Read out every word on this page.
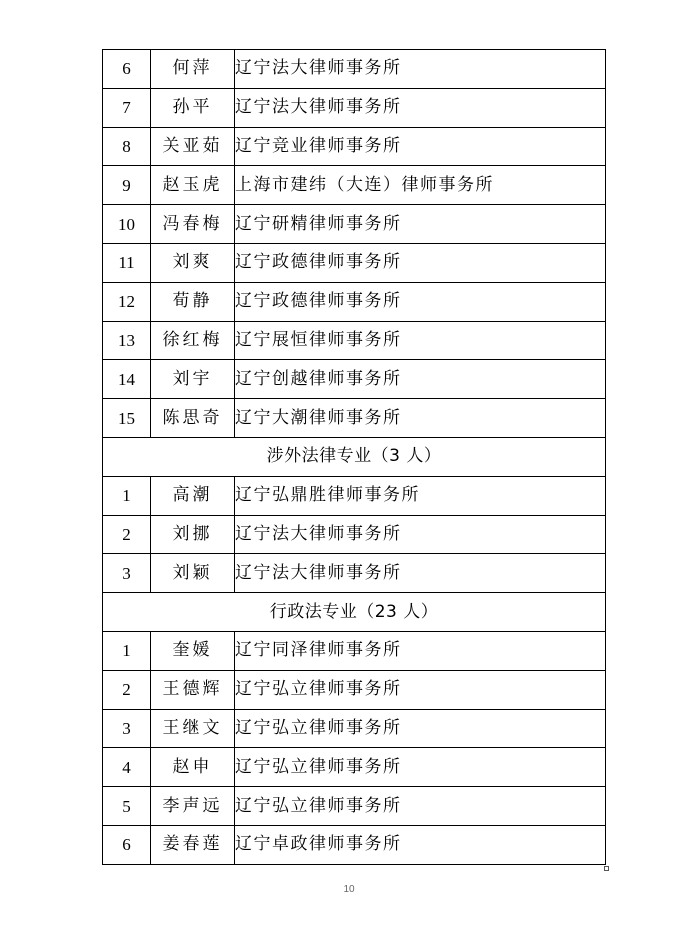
6	何萍	辽宁法大律师事务所
7	孙平	辽宁法大律师事务所
8	关亚茹	辽宁竞业律师事务所
9	赵玉虎	上海市建纬（大连）律师事务所
10	冯春梅	辽宁研精律师事务所
11	刘爽	辽宁政德律师事务所
12	荀静	辽宁政德律师事务所
13	徐红梅	辽宁展恒律师事务所
14	刘宇	辽宁创越律师事务所
15	陈思奇	辽宁大潮律师事务所
涉外法律专业（3 人）		
1	高潮	辽宁弘鼎胜律师事务所
2	刘挪	辽宁法大律师事务所
3	刘颖	辽宁法大律师事务所
行政法专业（23 人）		
1	奎媛	辽宁同泽律师事务所
2	王德辉	辽宁弘立律师事务所
3	王继文	辽宁弘立律师事务所
4	赵申	辽宁弘立律师事务所
5	李声远	辽宁弘立律师事务所
6	姜春莲	辽宁卓政律师事务所
10
